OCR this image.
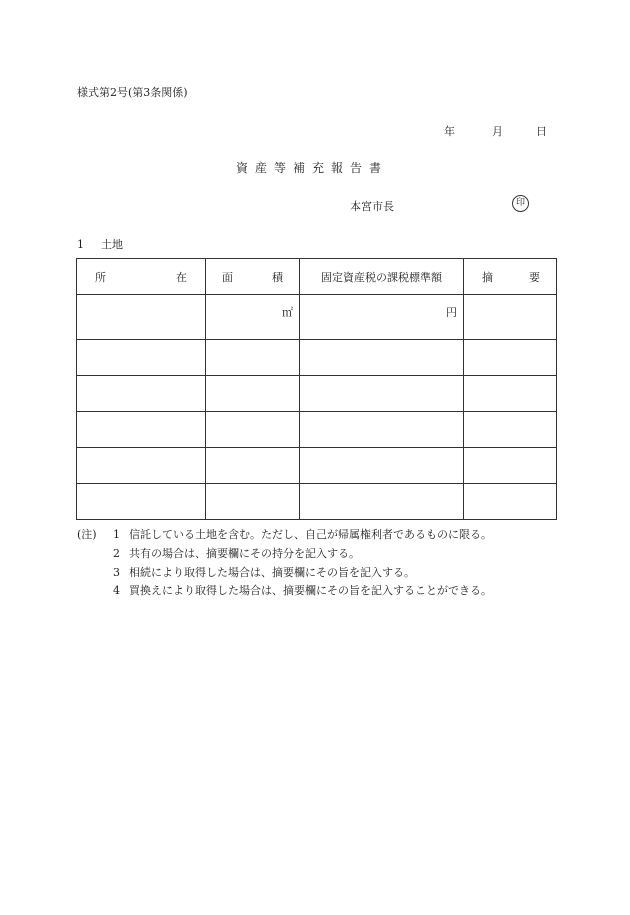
様式第2号(第3条関係)
年	月	日
資産等補充報告書
本宮市長	印
1 土地
所 在	面 積	固定資産税の課税標準額	摘 要

	㎡	円	

(注) 1 信託している土地を含む。ただし、自己が帰属権利者であるものに限る。
2 共有の場合は、摘要欄にその持分を記入する。
3 相続により取得した場合は、摘要欄にその旨を記入する。
4 買換えにより取得した場合は、摘要欄にその旨を記入することができる。
